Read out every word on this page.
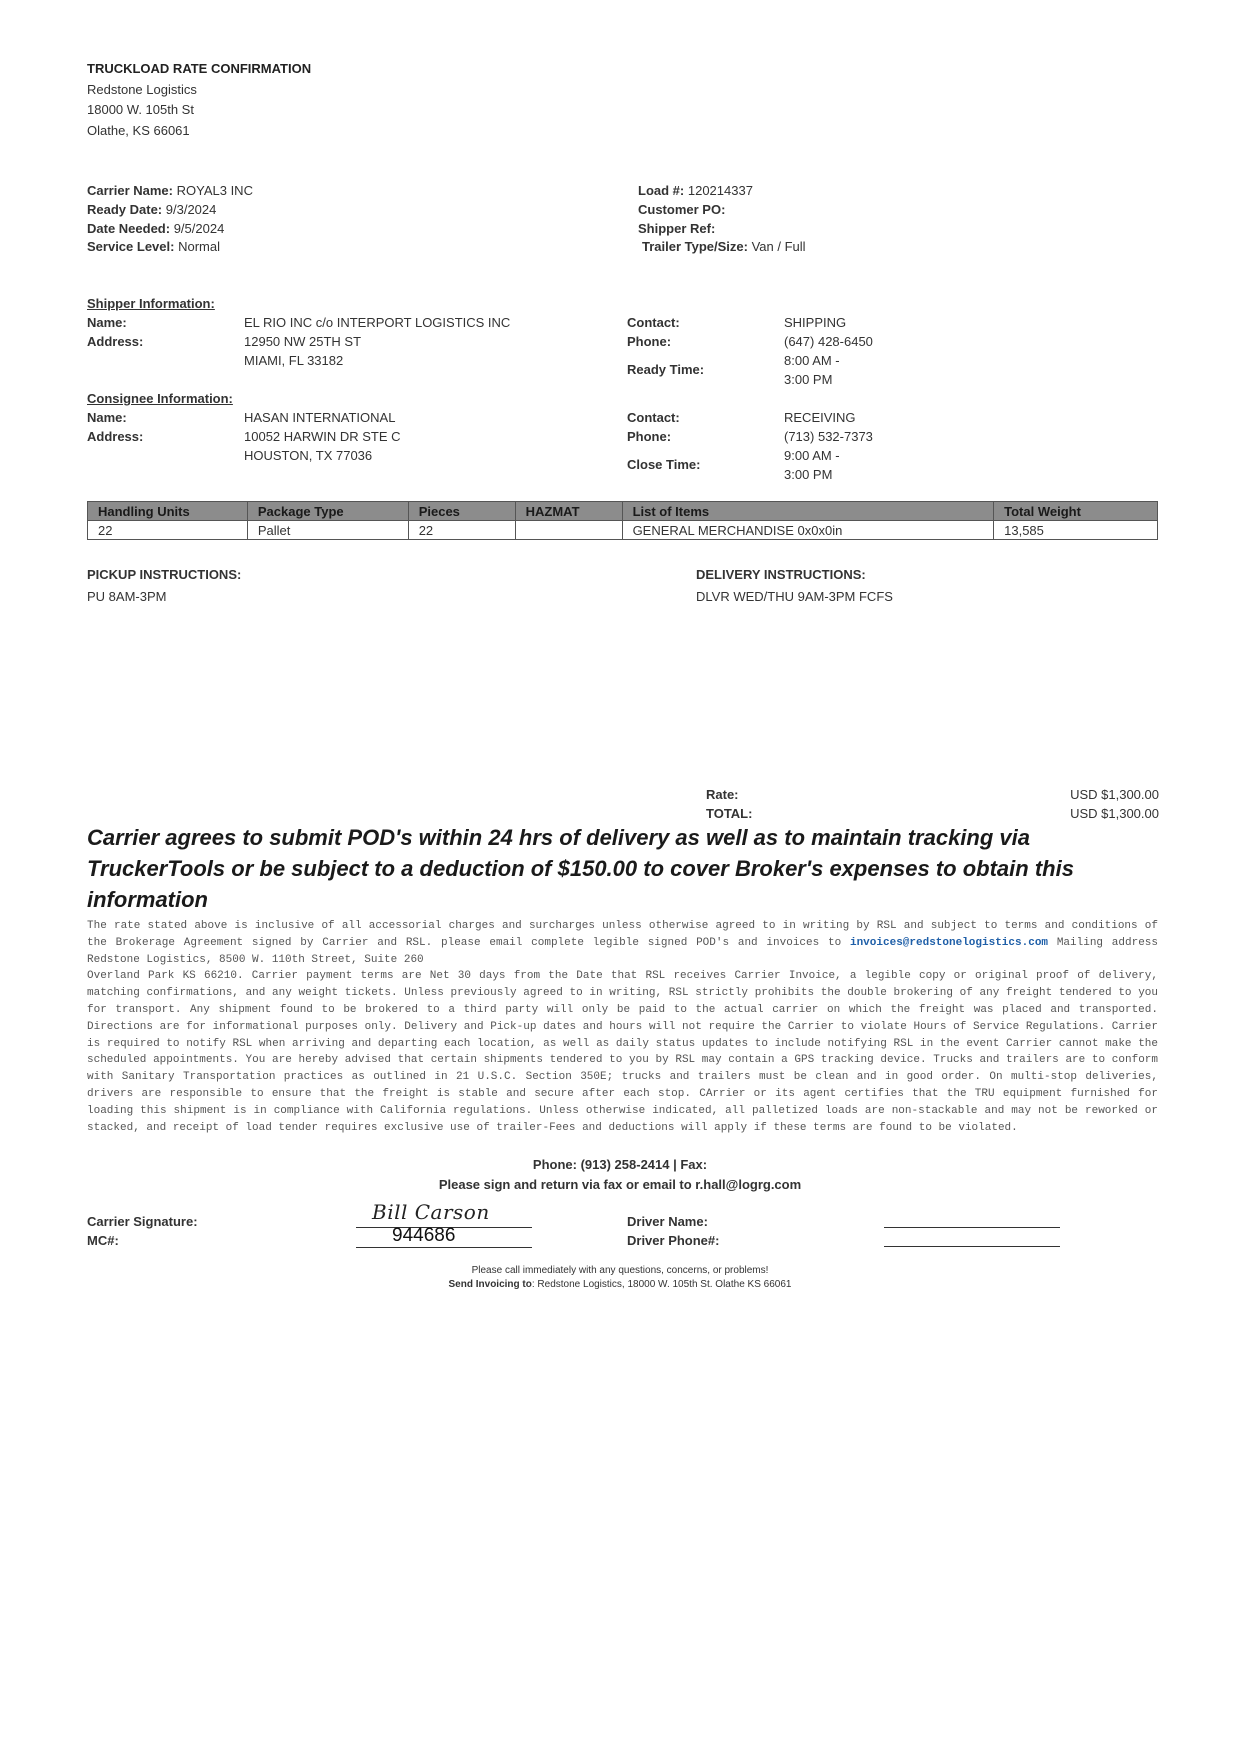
TRUCKLOAD RATE CONFIRMATION
Redstone Logistics
18000 W. 105th St
Olathe, KS 66061
Carrier Name: ROYAL3 INC
Ready Date: 9/3/2024
Date Needed: 9/5/2024
Service Level: Normal
Load #: 120214337
Customer PO:
Shipper Ref:
Trailer Type/Size: Van / Full
Shipper Information:
Name:	EL RIO INC c/o INTERPORT LOGISTICS INC
Address:	12950 NW 25TH ST
MIAMI, FL 33182
Contact:	SHIPPING
Phone:	(647) 428-6450
Ready Time:
8:00 AM -
3:00 PM
Consignee Information:
Name:	HASAN INTERNATIONAL
Address:	10052 HARWIN DR STE C
HOUSTON, TX 77036
Contact:	RECEIVING
Phone:	(713) 532-7373
Close Time:
9:00 AM -
3:00 PM
Handling Units	Package Type	Pieces	HAZMAT	List of Items	Total Weight
22	Pallet	22		GENERAL MERCHANDISE 0x0x0in	13,585
PICKUP INSTRUCTIONS:
PU 8AM-3PM
DELIVERY INSTRUCTIONS:
DLVR WED/THU 9AM-3PM FCFS
Rate:	USD $1,300.00
TOTAL:	USD $1,300.00
Carrier agrees to submit POD's within 24 hrs of delivery as well as to maintain tracking via TruckerTools or be subject to a deduction of $150.00 to cover Broker's expenses to obtain this information
The rate stated above is inclusive of all accessorial charges and surcharges unless otherwise agreed to in writing by RSL and subject to terms and conditions of the Brokerage Agreement signed by Carrier and RSL. please email complete legible signed POD's and invoices to invoices@redstonelogistics.com Mailing address Redstone Logistics, 8500 W. 110th Street, Suite 260
Overland Park KS 66210. Carrier payment terms are Net 30 days from the Date that RSL receives Carrier Invoice, a legible copy or original proof of delivery, matching confirmations, and any weight tickets. Unless previously agreed to in writing, RSL strictly prohibits the double brokering of any freight tendered to you for transport. Any shipment found to be brokered to a third party will only be paid to the actual carrier on which the freight was placed and transported. Directions are for informational purposes only. Delivery and Pick-up dates and hours will not require the Carrier to violate Hours of Service Regulations. Carrier is required to notify RSL when arriving and departing each location, as well as daily status updates to include notifying RSL in the event Carrier cannot make the scheduled appointments. You are hereby advised that certain shipments tendered to you by RSL may contain a GPS tracking device. Trucks and trailers are to conform with Sanitary Transportation practices as outlined in 21 U.S.C. Section 350E; trucks and trailers must be clean and in good order. On multi-stop deliveries, drivers are responsible to ensure that the freight is stable and secure after each stop. CArrier or its agent certifies that the TRU equipment furnished for loading this shipment is in compliance with California regulations. Unless otherwise indicated, all palletized loads are non-stackable and may not be reworked or stacked, and receipt of load tender requires exclusive use of trailer-Fees and deductions will apply if these terms are found to be violated.
Phone: (913) 258-2414 | Fax:
Please sign and return via fax or email to r.hall@logrg.com
Carrier Signature:	Bill Carson
MC#:	944686
Driver Name:
Driver Phone#:
Please call immediately with any questions, concerns, or problems!
Send Invoicing to: Redstone Logistics, 18000 W. 105th St. Olathe KS 66061
